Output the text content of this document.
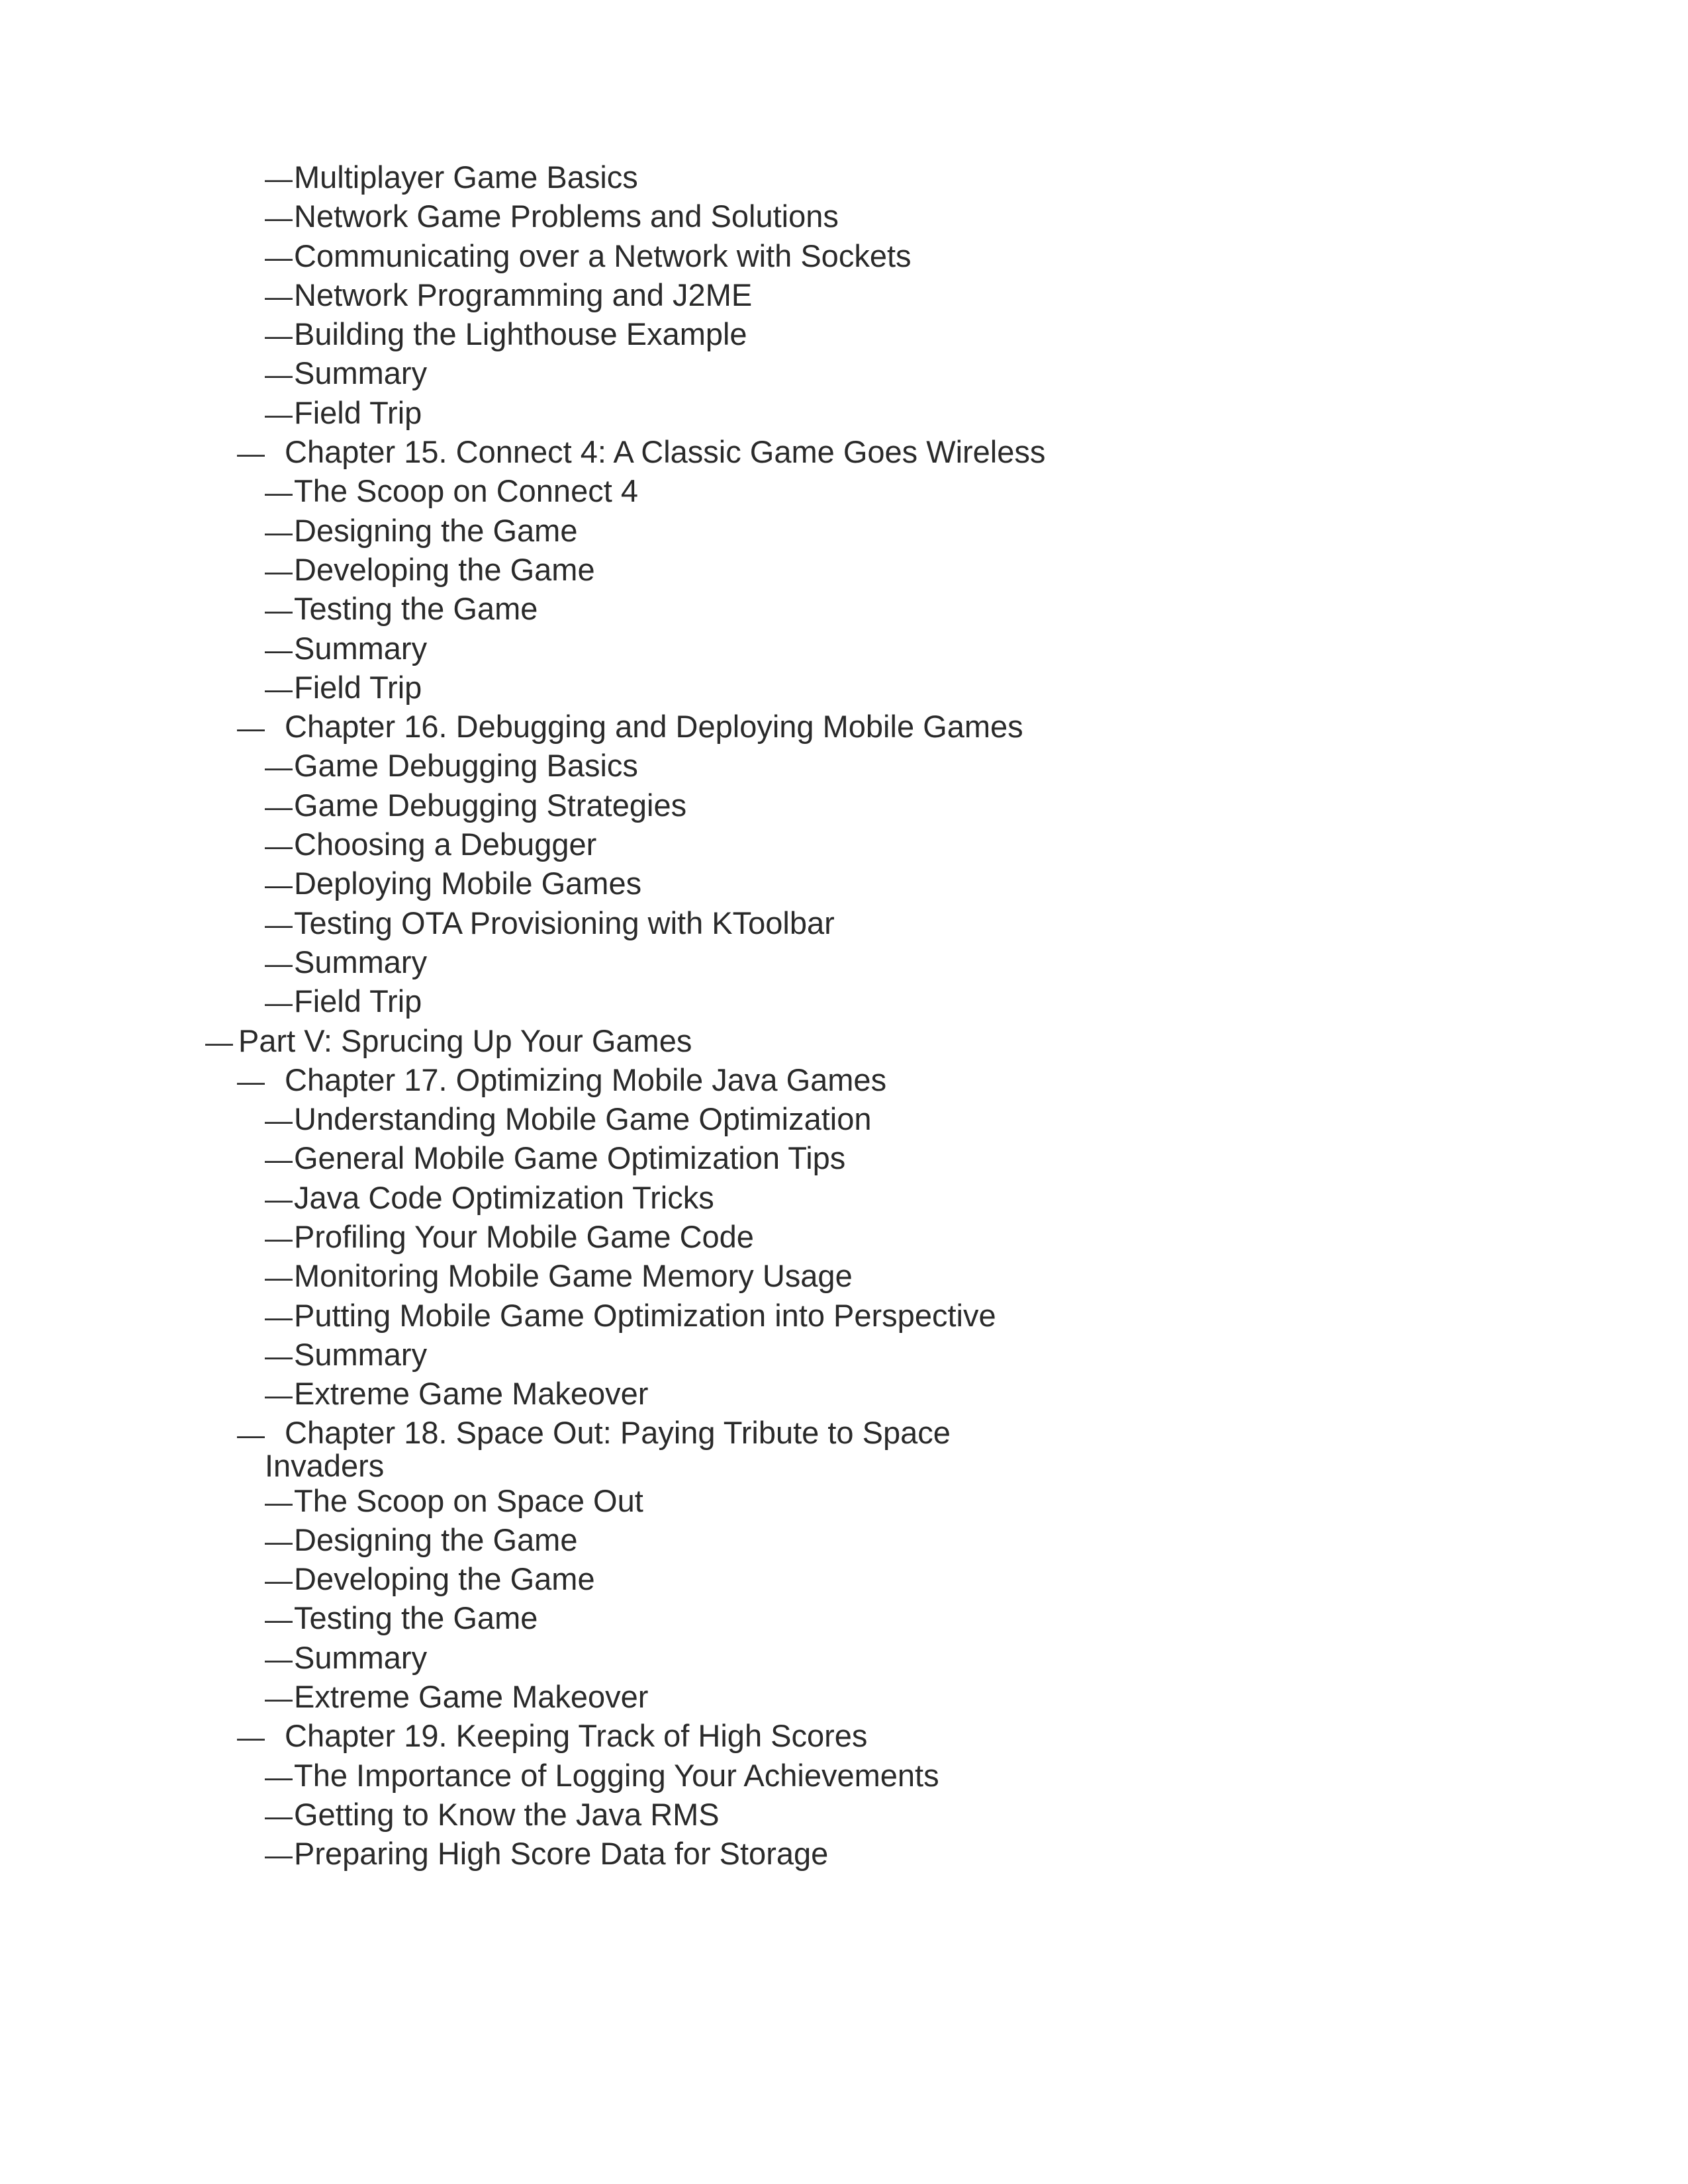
—Multiplayer Game Basics
—Network Game Problems and Solutions
—Communicating over a Network with Sockets
—Network Programming and J2ME
—Building the Lighthouse Example
—Summary
—Field Trip
— Chapter 15. Connect 4: A Classic Game Goes Wireless
—The Scoop on Connect 4
—Designing the Game
—Developing the Game
—Testing the Game
—Summary
—Field Trip
— Chapter 16. Debugging and Deploying Mobile Games
—Game Debugging Basics
—Game Debugging Strategies
—Choosing a Debugger
—Deploying Mobile Games
—Testing OTA Provisioning with KToolbar
—Summary
—Field Trip
— Part V: Sprucing Up Your Games
— Chapter 17. Optimizing Mobile Java Games
—Understanding Mobile Game Optimization
—General Mobile Game Optimization Tips
—Java Code Optimization Tricks
—Profiling Your Mobile Game Code
—Monitoring Mobile Game Memory Usage
—Putting Mobile Game Optimization into Perspective
—Summary
—Extreme Game Makeover
— Chapter 18. Space Out: Paying Tribute to Space
Invaders
—The Scoop on Space Out
—Designing the Game
—Developing the Game
—Testing the Game
—Summary
—Extreme Game Makeover
— Chapter 19. Keeping Track of High Scores
—The Importance of Logging Your Achievements
—Getting to Know the Java RMS
—Preparing High Score Data for Storage
